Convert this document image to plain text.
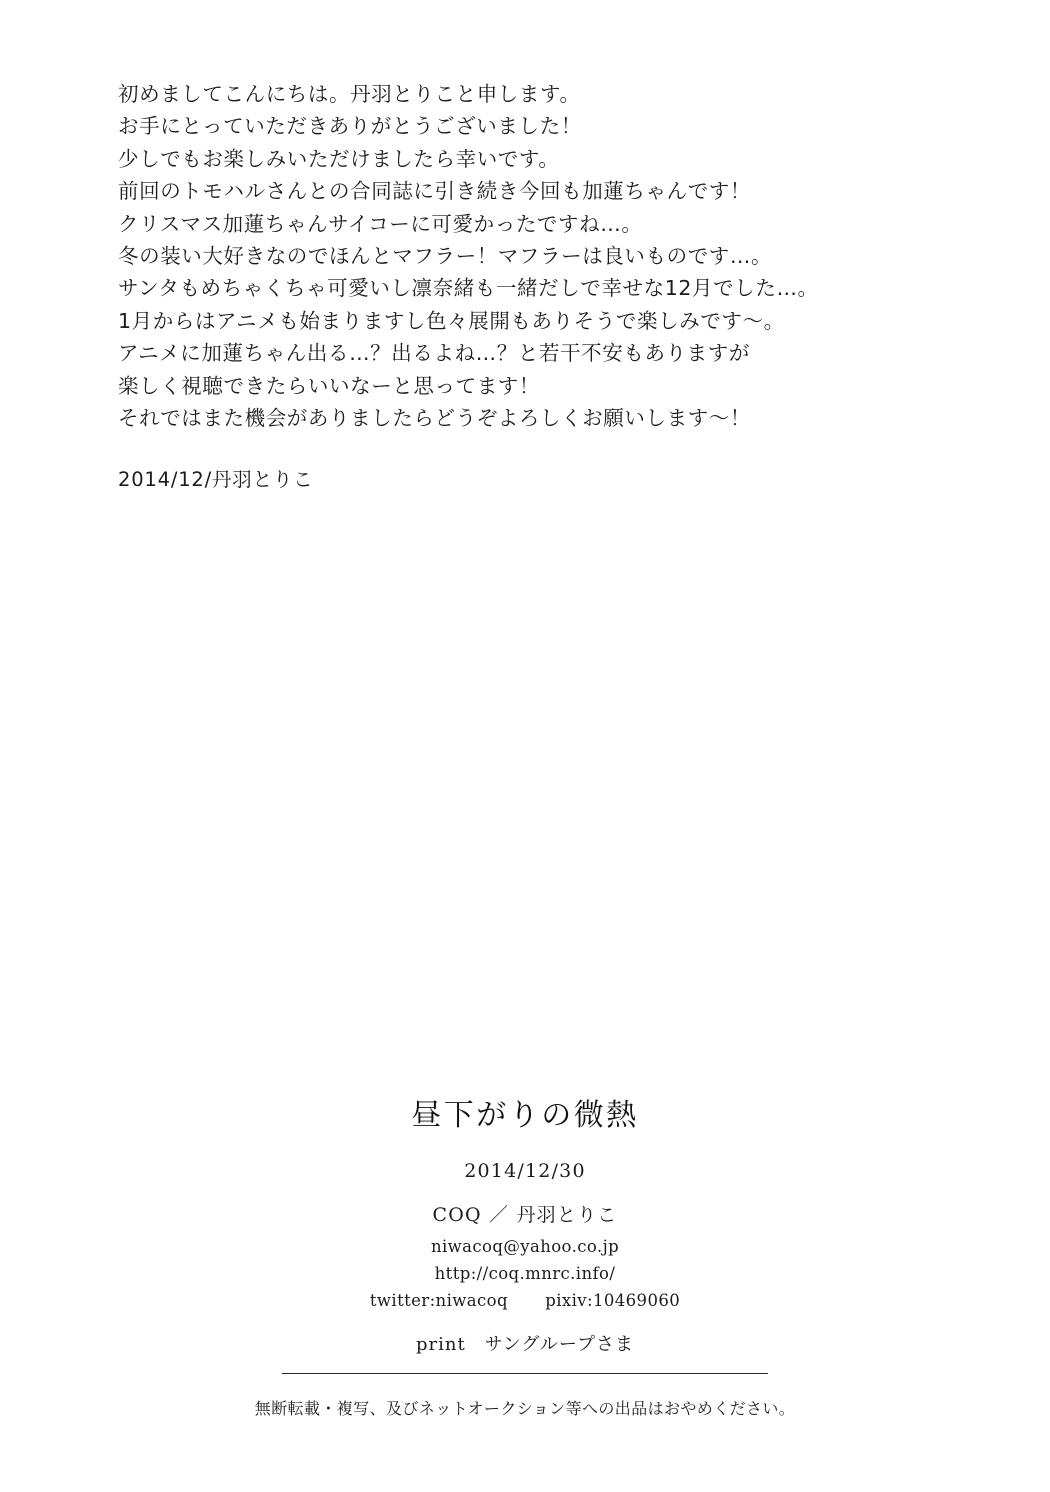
初めましてこんにちは。丹羽とりこと申します。

お手にとっていただきありがとうございました！

少しでもお楽しみいただけましたら幸いです。

前回のトモハルさんとの合同誌に引き続き今回も加蓮ちゃんです！

クリスマス加蓮ちゃんサイコーに可愛かったですね…。

冬の装い大好きなのでほんとマフラー！マフラーは良いものです…。

サンタもめちゃくちゃ可愛いし凛奈緒も一緒だしで幸せな12月でした…。

1月からはアニメも始まりますし色々展開もありそうで楽しみです～。

アニメに加蓮ちゃん出る…？出るよね…？と若干不安もありますが

楽しく視聴できたらいいなーと思ってます！

それではまた機会がありましたらどうぞよろしくお願いします～！

2014/12/丹羽とりこ
昼下がりの微熱
2014/12/30
COQ ／ 丹羽とりこ
niwacoq@yahoo.co.jp
http://coq.mnrc.info/
twitter:niwacoq pixiv:10469060
print　サングループさま
無断転載・複写、及びネットオークション等への出品はおやめください。
